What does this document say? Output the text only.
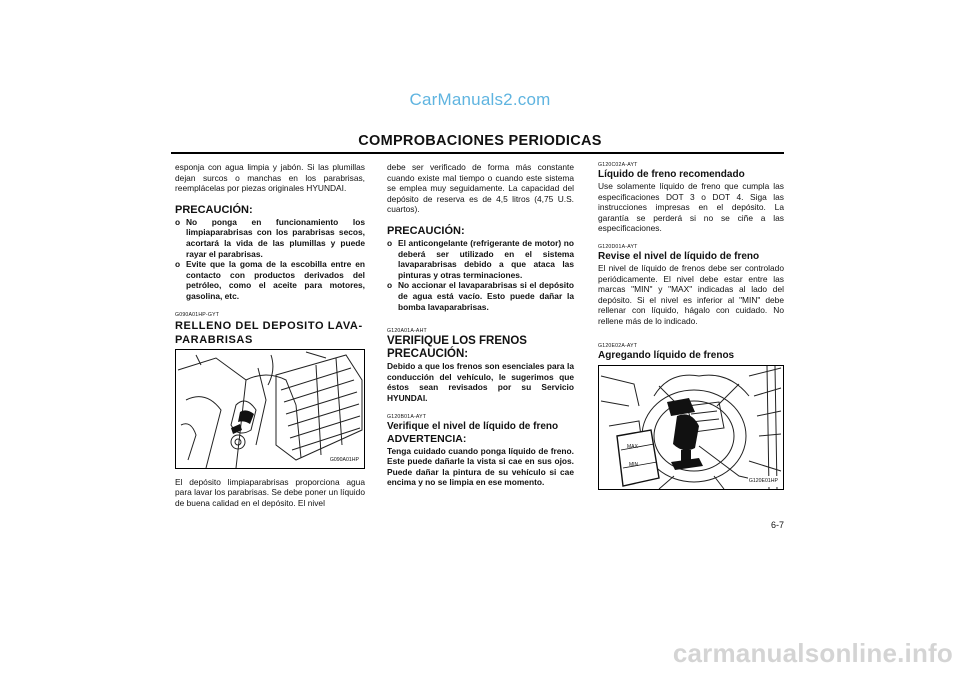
CarManuals2.com
COMPROBACIONES PERIODICAS

esponja con agua limpia y jabón. Si las plumillas dejan surcos o manchas en los parabrisas, reemplácelas por piezas originales HYUNDAI.

PRECAUCIÓN:
o No ponga en funcionamiento los limpiaparabrisas con los parabrisas secos, acortará la vida de las plumillas y puede rayar el parabrisas.
o Evite que la goma de la escobilla entre en contacto con productos derivados del petróleo, como el aceite para motores, gasolina, etc.
G090A01HP-GYT
RELLENO DEL DEPOSITO LAVA-PARABRISAS
G090A01HP

El depósito limpiaparabrisas proporciona agua para lavar los parabrisas. Se debe poner un líquido de buena calidad en el depósito. El nivel

debe ser verificado de forma más constante cuando existe mal tiempo o cuando este sistema se emplea muy seguidamente. La capacidad del depósito de reserva es de 4,5 litros (4,75 U.S. cuartos).

PRECAUCIÓN:
o El anticongelante (refrigerante de motor) no deberá ser utilizado en el sistema lavaparabrisas debido a que ataca las pinturas y otras terminaciones.
o No accionar el lavaparabrisas si el depósito de agua está vacío. Esto puede dañar la bomba lavaparabrisas.
G120A01A-AHT
VERIFIQUE LOS FRENOS
PRECAUCIÓN:

Debido a que los frenos son esenciales para la conducción del vehículo, le sugerimos que éstos sean revisados por su Servicio HYUNDAI.

G120B01A-AYT
Verifique el nivel de líquido de freno
ADVERTENCIA:

Tenga cuidado cuando ponga líquido de freno. Este puede dañarle la vista si cae en sus ojos. Puede dañar la pintura de su vehículo si cae encima y no se limpia en ese momento.

G120C02A-AYT
Líquido de freno recomendado

Use solamente líquido de freno que cumpla las especificaciones DOT 3 o DOT 4. Siga las instrucciones impresas en el depósito. La garantía se perderá si no se ciñe a las especificaciones.

G120D01A-AYT
Revise el nivel de líquido de freno

El nivel de líquido de frenos debe ser controlado periódicamente. El nivel debe estar entre las marcas "MIN" y "MAX" indicadas al lado del depósito. Si el nivel es inferior al "MIN" debe rellenar con líquido, hágalo con cuidado. No rellene más de lo indicado.

G120E02A-AYT
Agregando líquido de frenos
MAX
MIN
G120E01HP
6-7
carmanualsonline.info
